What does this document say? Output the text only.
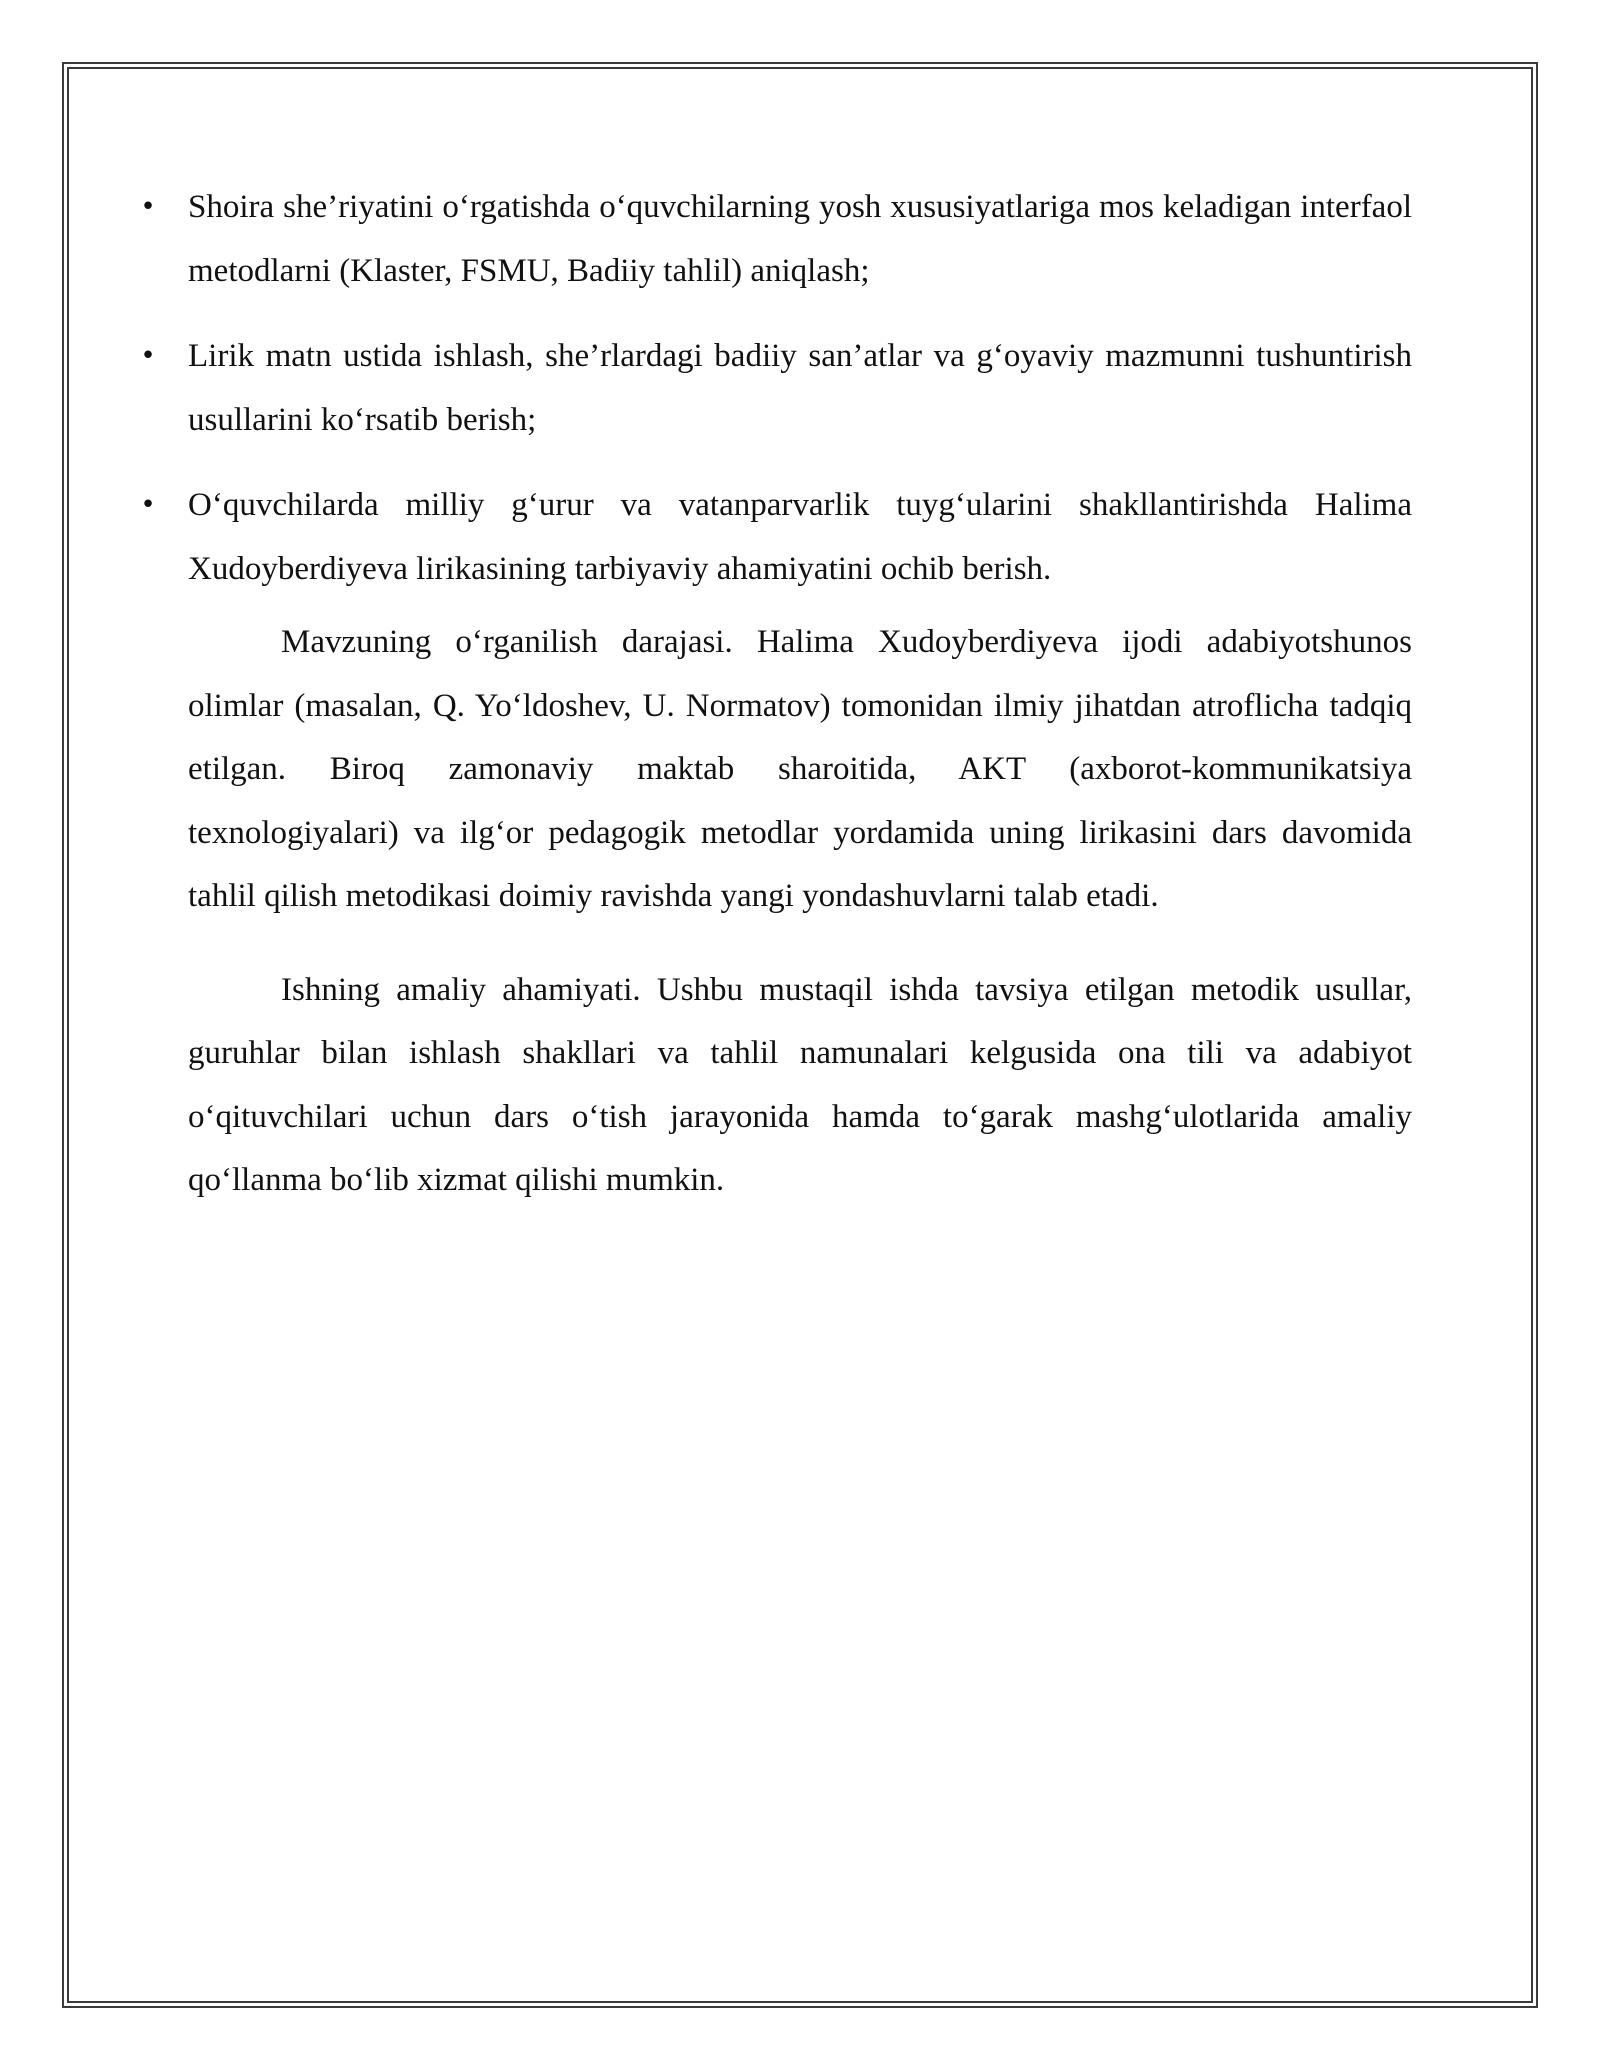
• Shoira she’riyatini o‘rgatishda o‘quvchilarning yosh xususiyatlariga mos keladigan interfaol metodlarni (Klaster, FSMU, Badiiy tahlil) aniqlash;
• Lirik matn ustida ishlash, she’rlardagi badiiy san’atlar va g‘oyaviy mazmunni tushuntirish usullarini ko‘rsatib berish;
• O‘quvchilarda milliy g‘urur va vatanparvarlik tuyg‘ularini shakllantirishda Halima Xudoyberdiyeva lirikasining tarbiyaviy ahamiyatini ochib berish.

Mavzuning o‘rganilish darajasi. Halima Xudoyberdiyeva ijodi adabiyotshunos olimlar (masalan, Q. Yo‘ldoshev, U. Normatov) tomonidan ilmiy jihatdan atroflicha tadqiq etilgan. Biroq zamonaviy maktab sharoitida, AKT (axborot-kommunikatsiya texnologiyalari) va ilg‘or pedagogik metodlar yordamida uning lirikasini dars davomida tahlil qilish metodikasi doimiy ravishda yangi yondashuvlarni talab etadi.

Ishning amaliy ahamiyati. Ushbu mustaqil ishda tavsiya etilgan metodik usullar, guruhlar bilan ishlash shakllari va tahlil namunalari kelgusida ona tili va adabiyot o‘qituvchilari uchun dars o‘tish jarayonida hamda to‘garak mashg‘ulotlarida amaliy qo‘llanma bo‘lib xizmat qilishi mumkin.
